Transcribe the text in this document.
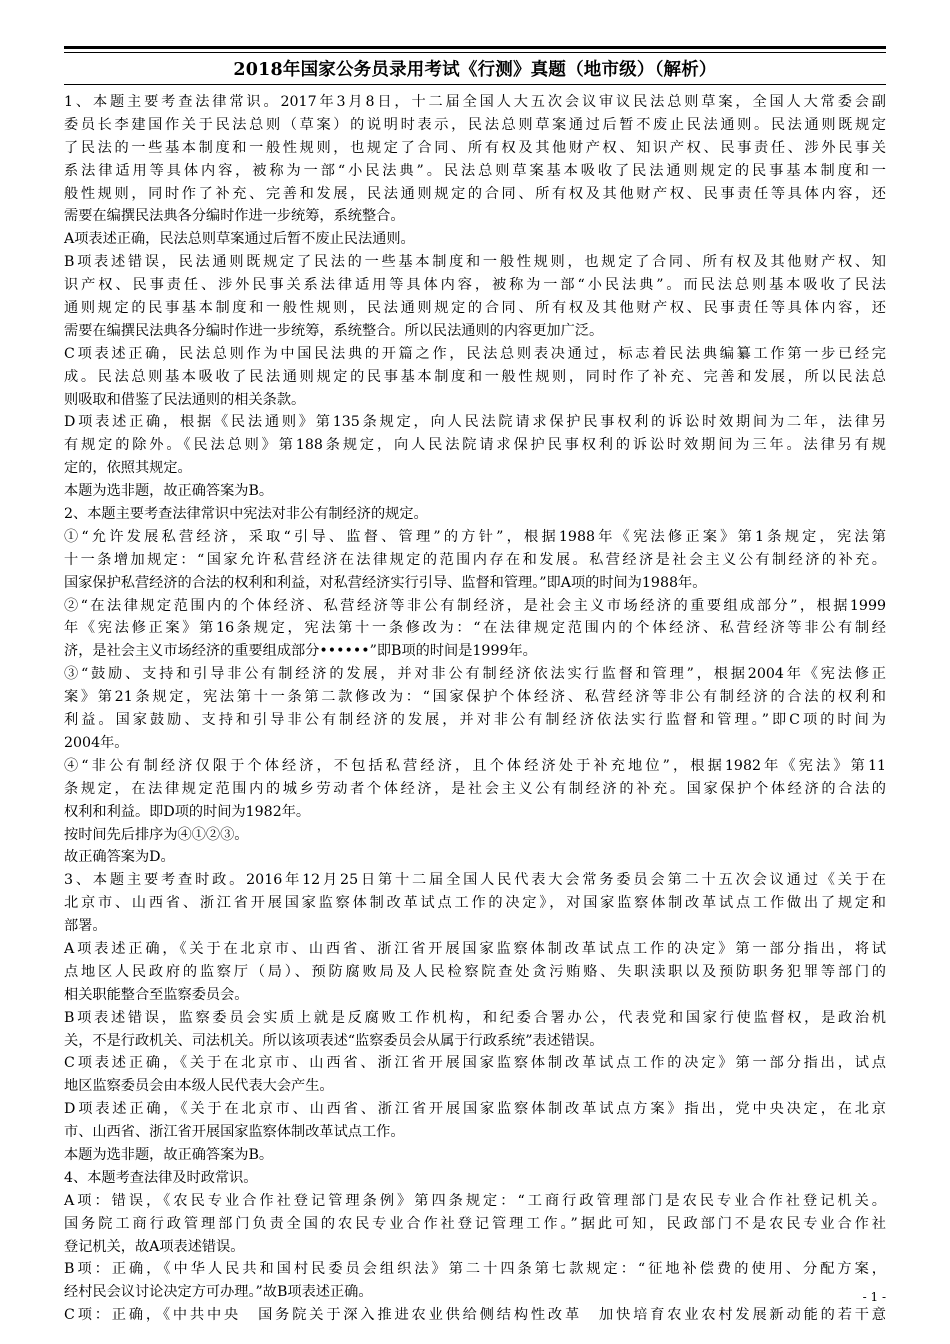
2018年国家公务员录用考试《行测》真题（地市级）（解析）
1、本题主要考查法律常识。2017年3月8日，十二届全国人大五次会议审议民法总则草案，全国人大常委会副
委员长李建国作关于民法总则（草案）的说明时表示，民法总则草案通过后暂不废止民法通则。民法通则既规定
了民法的一些基本制度和一般性规则，也规定了合同、所有权及其他财产权、知识产权、民事责任、涉外民事关
系法律适用等具体内容，被称为一部“小民法典”。民法总则草案基本吸收了民法通则规定的民事基本制度和一
般性规则，同时作了补充、完善和发展，民法通则规定的合同、所有权及其他财产权、民事责任等具体内容，还
需要在编撰民法典各分编时作进一步统筹，系统整合。
A项表述正确，民法总则草案通过后暂不废止民法通则。
B项表述错误，民法通则既规定了民法的一些基本制度和一般性规则，也规定了合同、所有权及其他财产权、知
识产权、民事责任、涉外民事关系法律适用等具体内容，被称为一部“小民法典”。而民法总则基本吸收了民法
通则规定的民事基本制度和一般性规则，民法通则规定的合同、所有权及其他财产权、民事责任等具体内容，还
需要在编撰民法典各分编时作进一步统筹，系统整合。所以民法通则的内容更加广泛。
C项表述正确，民法总则作为中国民法典的开篇之作，民法总则表决通过，标志着民法典编纂工作第一步已经完
成。民法总则基本吸收了民法通则规定的民事基本制度和一般性规则，同时作了补充、完善和发展，所以民法总
则吸取和借鉴了民法通则的相关条款。
D项表述正确，根据《民法通则》第135条规定，向人民法院请求保护民事权利的诉讼时效期间为二年，法律另
有规定的除外。《民法总则》第188条规定，向人民法院请求保护民事权利的诉讼时效期间为三年。法律另有规
定的，依照其规定。
本题为选非题，故正确答案为B。
2、本题主要考查法律常识中宪法对非公有制经济的规定。
①“允许发展私营经济，采取“引导、监督、管理”的方针”，根据1988年《宪法修正案》第1条规定，宪法第
十一条增加规定：“国家允许私营经济在法律规定的范围内存在和发展。私营经济是社会主义公有制经济的补充。
国家保护私营经济的合法的权利和利益，对私营经济实行引导、监督和管理。”即A项的时间为1988年。
②“在法律规定范围内的个体经济、私营经济等非公有制经济，是社会主义市场经济的重要组成部分”，根据1999
年《宪法修正案》第16条规定，宪法第十一条修改为：“在法律规定范围内的个体经济、私营经济等非公有制经
济，是社会主义市场经济的重要组成部分••••••”即B项的时间是1999年。
③“鼓励、支持和引导非公有制经济的发展，并对非公有制经济依法实行监督和管理”，根据2004年《宪法修正
案》第21条规定，宪法第十一条第二款修改为：“国家保护个体经济、私营经济等非公有制经济的合法的权利和
利益。国家鼓励、支持和引导非公有制经济的发展，并对非公有制经济依法实行监督和管理。”即C项的时间为
2004年。
④“非公有制经济仅限于个体经济，不包括私营经济，且个体经济处于补充地位”，根据1982年《宪法》第11
条规定，在法律规定范围内的城乡劳动者个体经济，是社会主义公有制经济的补充。国家保护个体经济的合法的
权利和利益。即D项的时间为1982年。
按时间先后排序为④①②③。
故正确答案为D。
3、本题主要考查时政。2016年12月25日第十二届全国人民代表大会常务委员会第二十五次会议通过《关于在
北京市、山西省、浙江省开展国家监察体制改革试点工作的决定》，对国家监察体制改革试点工作做出了规定和
部署。
A项表述正确，《关于在北京市、山西省、浙江省开展国家监察体制改革试点工作的决定》第一部分指出，将试
点地区人民政府的监察厅（局）、预防腐败局及人民检察院查处贪污贿赂、失职渎职以及预防职务犯罪等部门的
相关职能整合至监察委员会。
B项表述错误，监察委员会实质上就是反腐败工作机构，和纪委合署办公，代表党和国家行使监督权，是政治机
关，不是行政机关、司法机关。所以该项表述“监察委员会从属于行政系统”表述错误。
C项表述正确，《关于在北京市、山西省、浙江省开展国家监察体制改革试点工作的决定》第一部分指出，试点
地区监察委员会由本级人民代表大会产生。
D项表述正确，《关于在北京市、山西省、浙江省开展国家监察体制改革试点方案》指出，党中央决定，在北京
市、山西省、浙江省开展国家监察体制改革试点工作。
本题为选非题，故正确答案为B。
4、本题考查法律及时政常识。
A项：错误，《农民专业合作社登记管理条例》第四条规定：“工商行政管理部门是农民专业合作社登记机关。
国务院工商行政管理部门负责全国的农民专业合作社登记管理工作。”据此可知，民政部门不是农民专业合作社
登记机关，故A项表述错误。
B项：正确，《中华人民共和国村民委员会组织法》第二十四条第七款规定：“征地补偿费的使用、分配方案，
经村民会议讨论决定方可办理。”故B项表述正确。
C项：正确，《中共中央　国务院关于深入推进农业供给侧结构性改革　加快培育农业农村发展新动能的若干意
- 1 -
